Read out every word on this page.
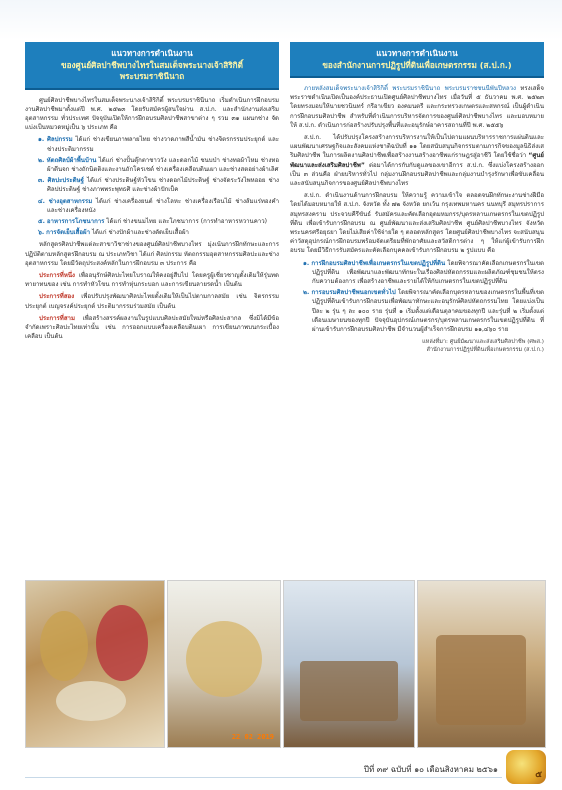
แนวทางการดำเนินงาน
ของศูนย์ศิลปาชีพบางไทรในสมเด็จพระนางเจ้าสิริกิติ์
พระบรมราชินีนาถ

ศูนย์ศิลปาชีพบางไทรในสมเด็จพระนางเจ้าสิริกิติ์ พระบรมราชินีนาถ เริ่มดำเนินการฝึกอบรม งานศิลปาชีพมาตั้งแต่ปี พ.ศ. ๒๕๒๓ โดยรับสมัครผู้สนใจผ่าน ส.ป.ก. และสำนักงานส่งเสริมอุตสาหกรรม ทั่วประเทศ ปัจจุบันเปิดให้การฝึกอบรมศิลปาชีพสาขาต่าง ๆ รวม ๓๑ แผนกช่าง จัดแบ่งเป็นหมวดหมู่เป็น ๖ ประเภท คือ

๑. ศิลปกรรม ได้แก่ ช่างเขียนภาพลายไทย ช่างวาดภาพสีน้ำมัน ช่างจิตรกรรมประยุกต์ และช่างประติมากรรม
๒. หัตถศิลป์ผ้าพื้นบ้าน ได้แก่ ช่างปั้นตุ๊กตาชาววัง และดอกไม้ ชนบป่า ช่างทอผ้าไหม ช่างทอผ้าตีนจก ช่างถักนิตติงและงานถักโครเชต์ ช่างเครื่องเคลือบดินเผา และช่างสตอย่างผ้าเลิศ
๓. ศิลปะประดิษฐ์ ได้แก่ ช่างประดิษฐ์หัวโขน ช่างดอกไม้ประดิษฐ์ ช่างจัดระวังไพหออย ช่างศิลปประดิษฐ์ ช่างภาพพระพุทธศิ และช่างผ้าปักเป็ค
๔. ช่างอุตสาหกรรม ได้แก่ ช่างเครื่องยนต์ ช่างโลหะ ช่างเครื่องเรือนไม้ ช่างส้มแร่ทองคำ และช่างเครื่องหนัง
๕. อาหารการโภชนาการ ได้แก่ ช่างขนมไทย และโภชนาการ (การทำอาหารหวานคาว)
๖. การจัดเย็บเสื้อผ้า ได้แก่ ช่างปักผ้าและช่างตัดเย็บเสื้อผ้า

หลักสูตรศิลปาชีพแต่ละสาขาวิชาช่างของศูนย์ศิลปาชีพบางไทร มุ่งเน้นการฝึกทักษะและการปฏิบัติตามหลักสูตรฝึกอบรม ณ ประเภทวิชา ได้แก่ ศิลปกรรม หัตถกรรมอุตสาหกรรมศิลปะและช่างอุตสาหกรรม โดยมีวัตถุประสงค์หลักในการฝึกอบรม ๓ ประการ คือ

ประการที่หนึ่ง เพื่ออนุรักษ์ศิลปะไทยโบราณให้คงอยู่สืบไป โดยครูผู้เชี่ยวชาญดั้งเดิมให้รุ่นทดทายาทนของ เช่น การทำหัวโขน การทำหุ่นกระบอก และการเขียนลายรดน้ำ เป็นต้น

ประการที่สอง เพื่อปรับปรุงพัฒนาศิลปะไทยดั้งเดิมให้เป็นไปตามกาลสมัย เช่น จิตรกรรมประยุกต์ เบญจรงค์ประยุกต์ ประติมากรรมร่วมสมัย เป็นต้น

ประการที่สาม เพื่อสร้างสรรค์ผลงานในรูปแบบศิลปะสมัยใหม่หรือศิลปะสากล ซึ่งมิได้มีข้อจำกัดเพราะศิลปะไทยเท่านั้น เช่น การออกแบบเครื่องเคลือบดินเผา การเขียนภาพบนกระเบื้องเคลือบ เป็นต้น

แนวทางการดำเนินงาน
ของสำนักงานการปฏิรูปที่ดินเพื่อเกษตรกรรม (ส.ป.ก.)

ภายหลังสมเด็จพระนางเจ้าสิริกิติ์ พระบรมราชินีนาถ พระบรมราชชนนีพันปีหลวง ทรงเสด็จพระราชดำเนินเปิดเป็นองค์ประธานเปิดศูนย์ศิลปาชีพบางไทร เมื่อวันที่ ๕ ธันวาคม พ.ศ. ๒๕๒๓ โดยทรงมอบให้นายชวนินทร์ กรีอาเขียว องคมนตรี และกระทรวงเกษตรและสหกรณ์ เป็นผู้ดำเนินการฝึกอบรมศิลปาชีพ สำหรับที่ดำเนินการบริหารจัดการของศูนย์ศิลปาชีพบางไทร และมอบหมายให้ ส.ป.ก. ดำเนินการก่อสร้างปรับปรุงพื้นที่และอนุรักษ์อาคารสถานที่ปี พ.ศ. ๒๕๕๖

ส.ป.ก. ได้ปรับปรุงโครงสร้างการบริหารงานให้เป็นไปตามแผนบริหารราชการแผ่นดินและแผนพัฒนาเศรษฐกิจและสังคมแห่งชาติฉบับที่ ๑๑ โดยสนับสนุนกิจกรรมตามภารกิจของมูลนิธิส่งเสริมศิลปาชีพ ในการผลิตงานศิลปาชีพเพื่อสร้างงานสร้างอาชีพแก่ราษฎรสู่อาชีวิ โดยใช้ชื่อว่า “ศูนย์พัฒนาและส่งเสริมศิลปาชีพ” ต่อมาได้การกับกับดูแลของเขาอีการ ส.ป.ก. ซึ่งแบ่งโครงสร้างออกเป็น ๓ ส่วนคือ ฝ่ายบริหารทั่วไป กลุ่มงานฝึกอบรมศิลปาชีพและกลุ่มงานบำรุงรักษาเพื่อขับเคลื่อนและสนับสนุนกิจการของศูนย์ศิลปาชีพบางไทร

ส.ป.ก. ดำเนินงานด้านการฝึกอบรม ให้ความรู้ ความเข้าใจ ตลอดจนฝึกทักษะงานช่างฝีมือ โดยได้มอบหมายให้ ส.ป.ก. จังหวัด ทั้ง ๗๒ จังหวัด ยกเว้น กรุงเทพมหานคร นนทบุรี สมุทรปราการ สมุทรสงคราม ประจวบคีรีขันธ์ รับสมัครและคัดเลือกอุดมหมกรร/บุตรหลานเกษตรกรในเขตปฏิรูปที่ดิน เพื่อเข้ารับการฝึกอบรม ณ ศูนย์พัฒนาและส่งเสริมศิลปาชีพ ศูนย์ศิลปาชีพบางไทร จังหวัดพระนครศรีอยุธยา โดยไม่เสียค่าใช้จ่ายใด ๆ ตลอดหลักสูตร โดยศูนย์ศิลปาชีพบางไทร จะสนับสนุนค่าวัสดุอุปกรณ์การฝึกอบรมพร้อมจัดเตรียมที่พักอาศัยและสวัสดิการต่าง ๆ ให้แก่ผู้เข้ารับการฝึกอบรม โดยมีวิธีการรับสมัครและคัดเลือกบุคคลเข้ารับการฝึกอบรม ๒ รูปแบบ คือ

๑. การฝึกอบรมศิลปาชีพเพื่อเกษตรกรในเขตปฏิรูปที่ดิน โดยพิจารณาคัดเลือกเกษตรกรในเขตปฏิรูปที่ดิน เพื่อพัฒนาและพัฒนาทักษะในเรื่องศิลปหัตถกรรมและผลิตภัณฑ์ชุมชนให้ตรงกับความต้องการ เพื่อสร้างอาชีพและรายได้ให้กับเกษตรกรในเขตปฏิรูปที่ดิน
๒. การอบรมศิลปาชีพนอกเขตทั่วไป โดยพิจารณาคัดเลือกบุตรหลานของเกษตรกรในพื้นที่เขตปฏิรูปที่ดินเข้ารับการฝึกอบรมเพื่อพัฒนาทักษะและอนุรักษ์ศิลปหัตถกรรมไทย โดยแบ่งเป็นปีละ ๒ รุ่น ๆ ละ ๑๐๐ ราย รุ่นที่ ๑ เริ่มตั้งแต่เดือนตุลาคมของทุกปี และรุ่นที่ ๒ เริ่มตั้งแต่เดือนเมษายนของทุกปี ปัจจุบันอุปกรณ์เกษตรกร/บุตรหลานเกษตรกรในเขตปฏิรูปที่ดิน ที่ผ่านเข้ารับการฝึกอบรมศิลปาชีพ มีจำนวนผู้สำเร็จการฝึกอบรม ๑๑,๔๖๐ ราย
แหล่งที่มา: ศูนย์มัฒนาและส่งเสริมศิลปาชีพ (ศพส.)
สำนักงานการปฏิรูปที่ดินเพื่อเกษตรกรรม (ส.ป.ก.)
22 02 2019
ปีที่ ๓๙ ฉบับที่ ๑๐ เดือนสิงหาคม ๒๕๖๑
๕
